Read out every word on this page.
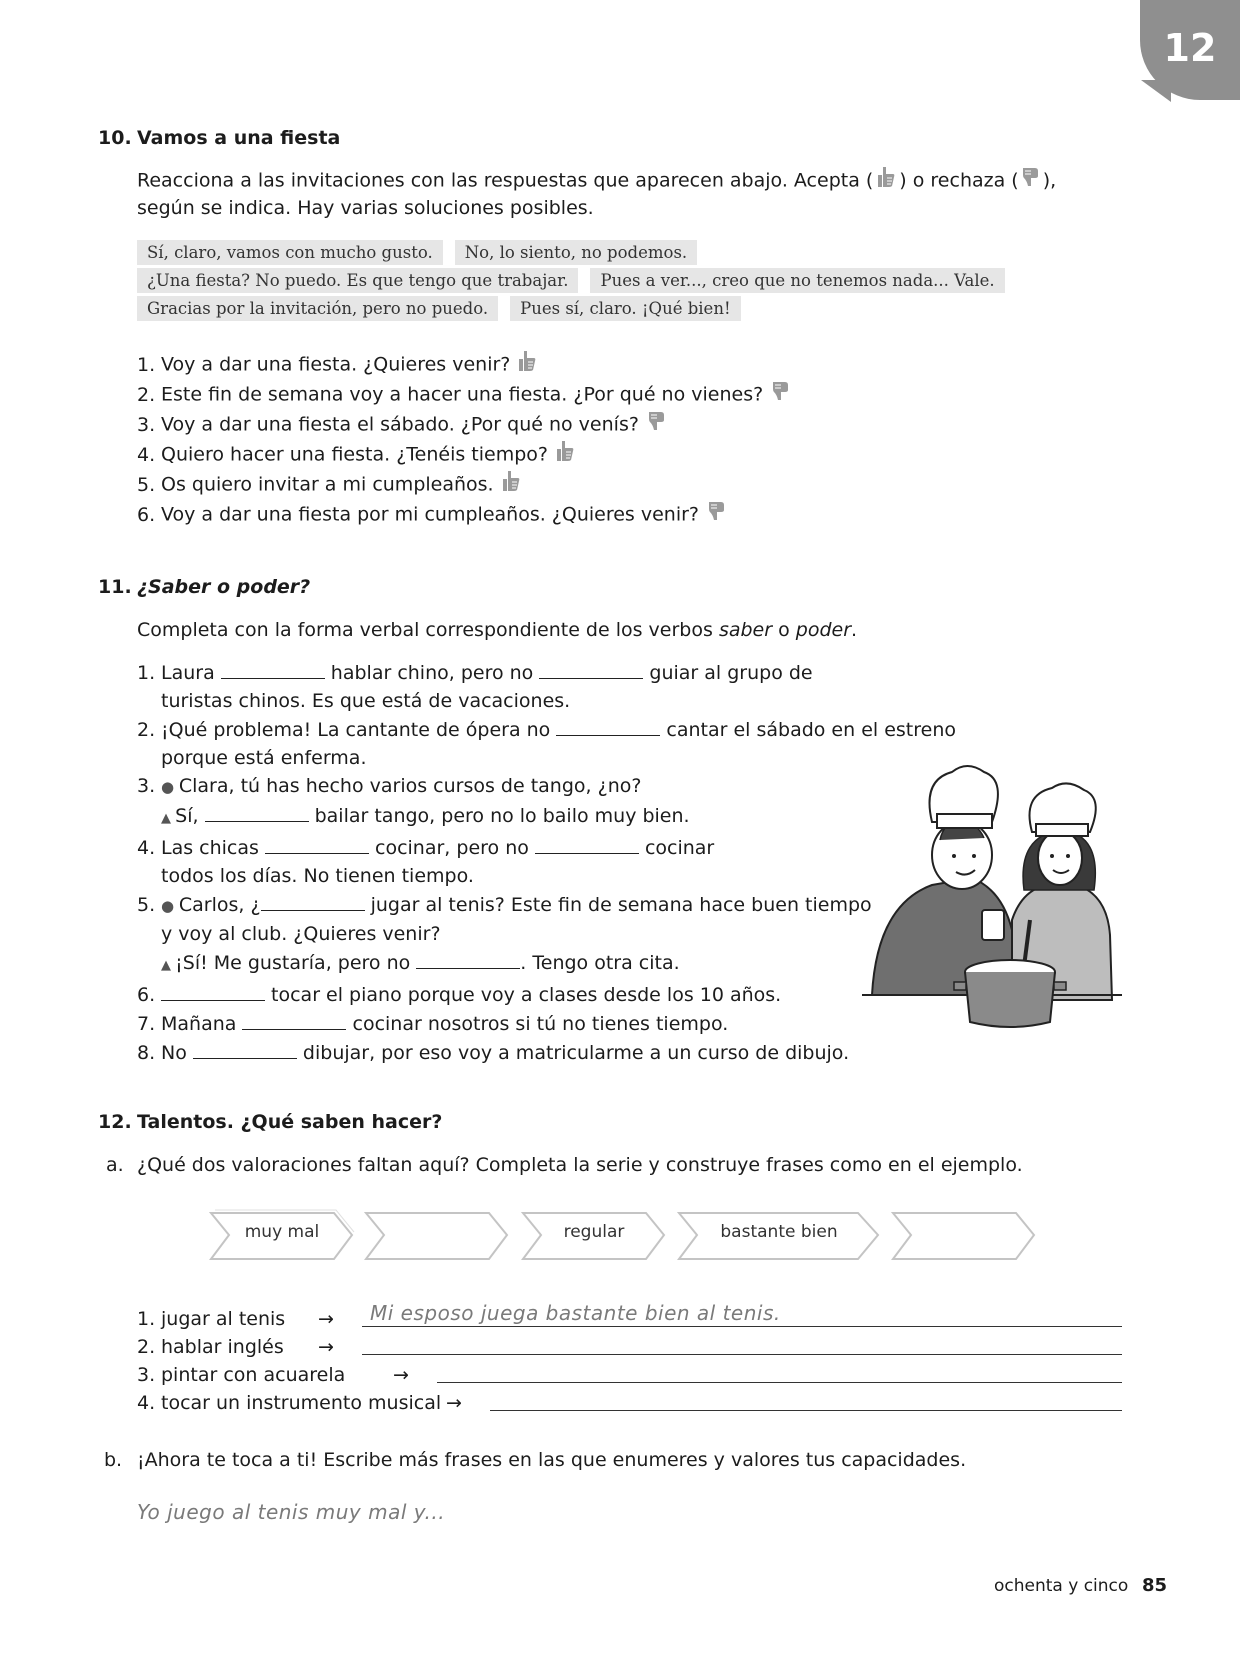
12
10. Vamos a una fiesta
Reacciona a las invitaciones con las respuestas que aparecen abajo. Acepta ( ) o rechaza ( ),
según se indica. Hay varias soluciones posibles.
Sí, claro, vamos con mucho gusto.	No, lo siento, no podemos.
¿Una fiesta? No puedo. Es que tengo que trabajar.	Pues a ver..., creo que no tenemos nada... Vale.
Gracias por la invitación, pero no puedo.	Pues sí, claro. ¡Qué bien!
1. Voy a dar una fiesta. ¿Quieres venir?
2. Este fin de semana voy a hacer una fiesta. ¿Por qué no vienes?
3. Voy a dar una fiesta el sábado. ¿Por qué no venís?
4. Quiero hacer una fiesta. ¿Tenéis tiempo?
5. Os quiero invitar a mi cumpleaños.
6. Voy a dar una fiesta por mi cumpleaños. ¿Quieres venir?
11. ¿Saber o poder?
Completa con la forma verbal correspondiente de los verbos saber o poder.
1. Laura	hablar chino, pero no	guiar al grupo de
turistas chinos. Es que está de vacaciones.
2. ¡Qué problema! La cantante de ópera no	cantar el sábado en el estreno
porque está enferma.
3. ● Clara, tú has hecho varios cursos de tango, ¿no?
▲ Sí,	bailar tango, pero no lo bailo muy bien.
4. Las chicas	cocinar, pero no	cocinar
todos los días. No tienen tiempo.
5. ● Carlos, ¿	jugar al tenis? Este fin de semana hace buen tiempo
y voy al club. ¿Quieres venir?
▲ ¡Sí! Me gustaría, pero no	. Tengo otra cita.
6.	tocar el piano porque voy a clases desde los 10 años.
7. Mañana	cocinar nosotros si tú no tienes tiempo.
8. No	dibujar, por eso voy a matricularme a un curso de dibujo.
12. Talentos. ¿Qué saben hacer?
a. ¿Qué dos valoraciones faltan aquí? Completa la serie y construye frases como en el ejemplo.
muy mal	regular	bastante bien
1. jugar al tenis → Mi esposo juega bastante bien al tenis.
2. hablar inglés →
3. pintar con acuarela	→
4. tocar un instrumento musical →
b. ¡Ahora te toca a ti! Escribe más frases en las que enumeres y valores tus capacidades.
Yo juego al tenis muy mal y...
ochenta y cinco 85
